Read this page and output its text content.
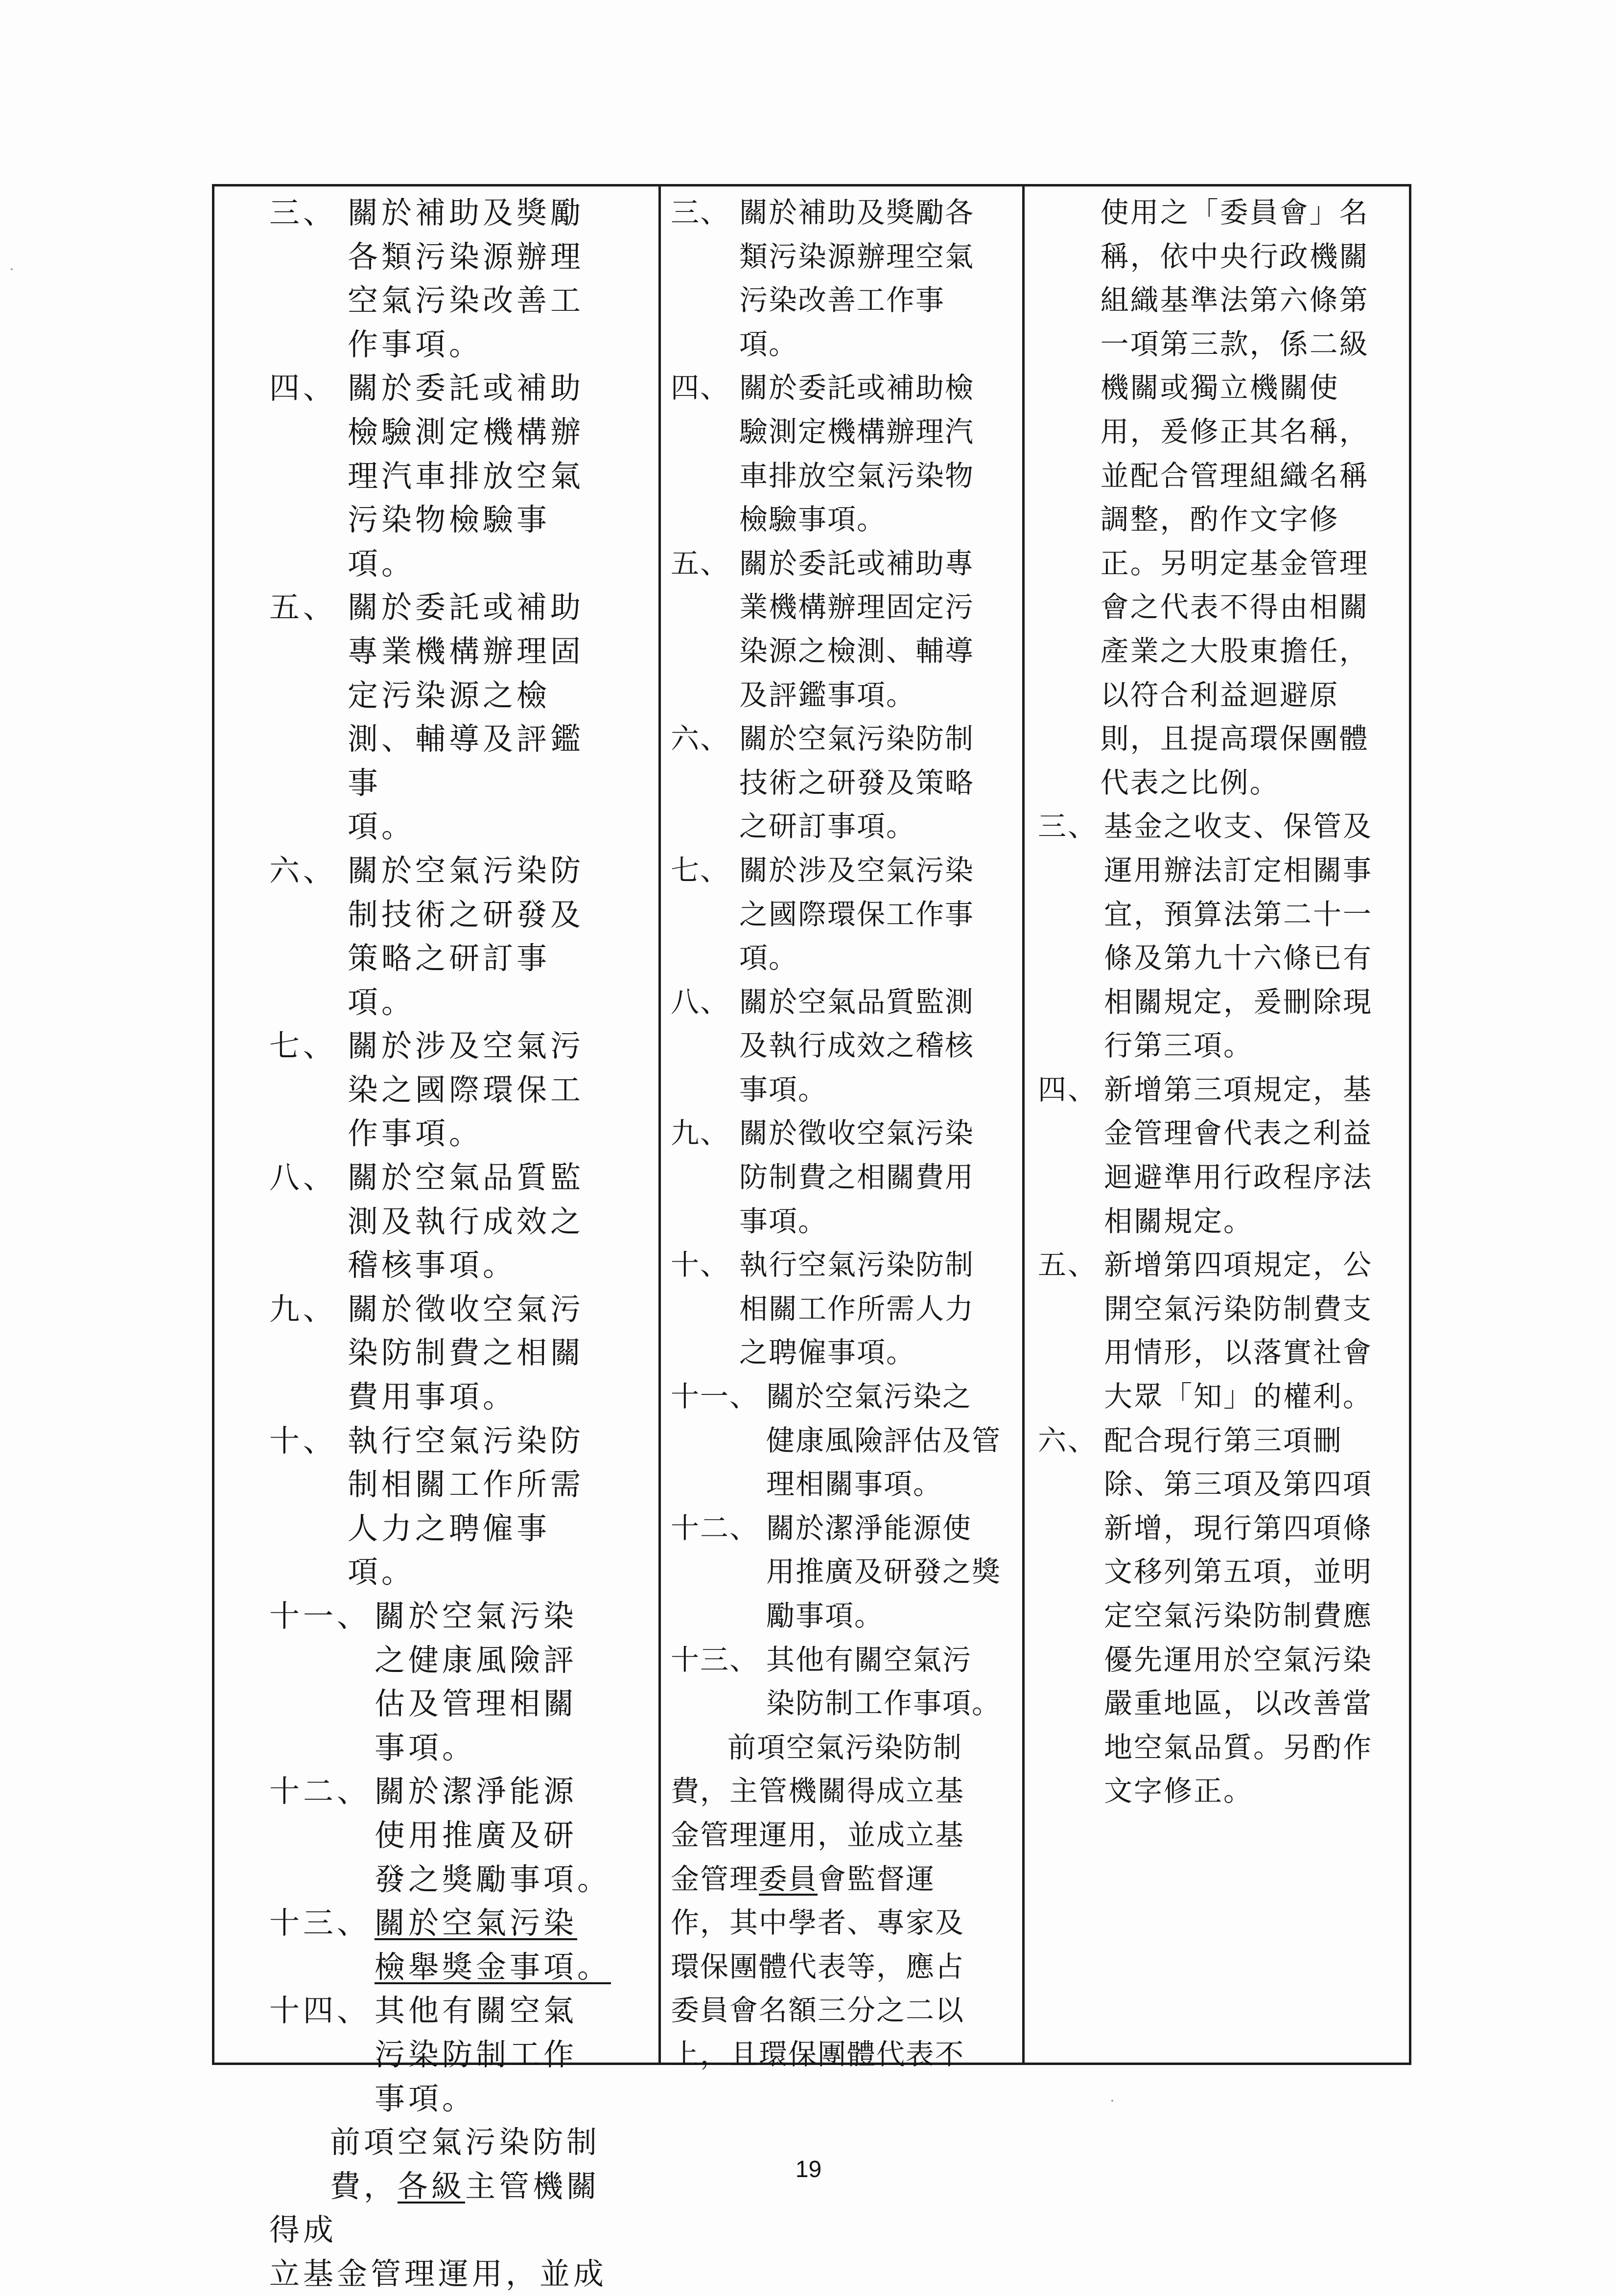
三、 關於補助及獎勵
各類污染源辦理
空氣污染改善工
作事項。
四、 關於委託或補助
檢驗測定機構辦
理汽車排放空氣
污染物檢驗事項。
五、 關於委託或補助
專業機構辦理固
定污染源之檢
測、輔導及評鑑事
項。
六、 關於空氣污染防
制技術之研發及
策略之研訂事項。
七、 關於涉及空氣污
染之國際環保工
作事項。
八、 關於空氣品質監
測及執行成效之
稽核事項。
九、 關於徵收空氣污
染防制費之相關
費用事項。
十、 執行空氣污染防
制相關工作所需
人力之聘僱事項。
十一、 關於空氣污染
之健康風險評
估及管理相關
事項。
十二、 關於潔淨能源
使用推廣及研
發之獎勵事項。
十三、 關於空氣污染
檢舉獎金事項。
十四、 其他有關空氣
污染防制工作
事項。
前項空氣污染防制
費，各級主管機關得成
立基金管理運用，並成
三、 關於補助及獎勵各
類污染源辦理空氣
污染改善工作事
項。
四、 關於委託或補助檢
驗測定機構辦理汽
車排放空氣污染物
檢驗事項。
五、 關於委託或補助專
業機構辦理固定污
染源之檢測、輔導
及評鑑事項。
六、 關於空氣污染防制
技術之研發及策略
之研訂事項。
七、 關於涉及空氣污染
之國際環保工作事
項。
八、 關於空氣品質監測
及執行成效之稽核
事項。
九、 關於徵收空氣污染
防制費之相關費用
事項。
十、 執行空氣污染防制
相關工作所需人力
之聘僱事項。
十一、 關於空氣污染之
健康風險評估及管
理相關事項。
十二、 關於潔淨能源使
用推廣及研發之獎
勵事項。
十三、 其他有關空氣污
染防制工作事項。
前項空氣污染防制
費，主管機關得成立基
金管理運用，並成立基
金管理委員會監督運
作，其中學者、專家及
環保團體代表等，應占
委員會名額三分之二以
上，且環保團體代表不
使用之「委員會」名
稱，依中央行政機關
組織基準法第六條第
一項第三款，係二級
機關或獨立機關使
用，爰修正其名稱，
並配合管理組織名稱
調整，酌作文字修
正。另明定基金管理
會之代表不得由相關
產業之大股東擔任，
以符合利益迴避原
則，且提高環保團體
代表之比例。
三、 基金之收支、保管及
運用辦法訂定相關事
宜，預算法第二十一
條及第九十六條已有
相關規定，爰刪除現
行第三項。
四、 新增第三項規定，基
金管理會代表之利益
迴避準用行政程序法
相關規定。
五、 新增第四項規定，公
開空氣污染防制費支
用情形，以落實社會
大眾「知」的權利。
六、 配合現行第三項刪
除、第三項及第四項
新增，現行第四項條
文移列第五項，並明
定空氣污染防制費應
優先運用於空氣污染
嚴重地區，以改善當
地空氣品質。另酌作
文字修正。
19
